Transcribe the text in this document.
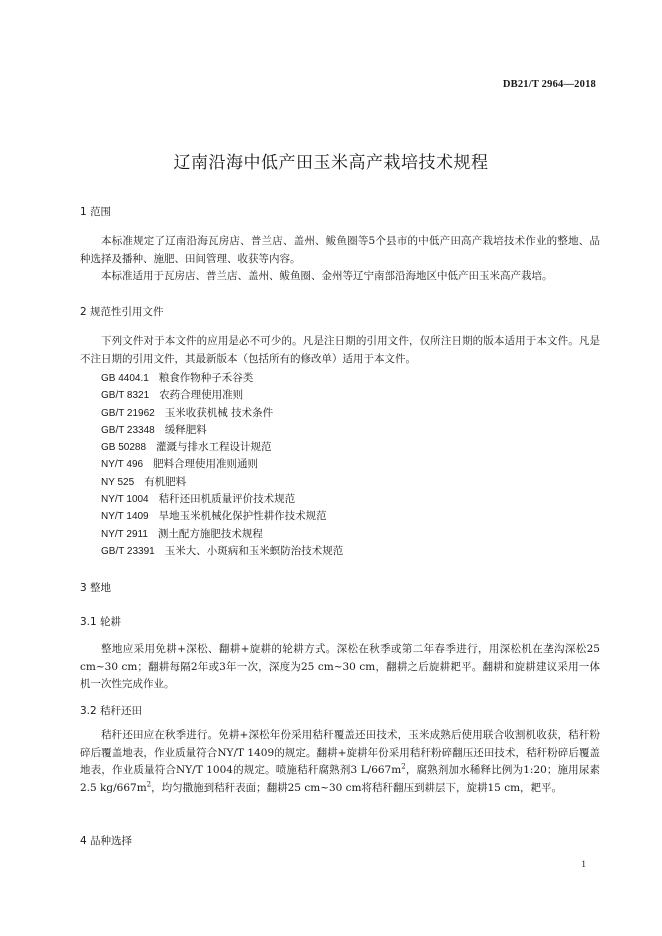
DB21/T 2964—2018
辽南沿海中低产田玉米高产栽培技术规程
1 范围

本标准规定了辽南沿海瓦房店、普兰店、盖州、鲅鱼圈等5个县市的中低产田高产栽培技术作业的整地、品种选择及播种、施肥、田间管理、收获等内容。

本标准适用于瓦房店、普兰店、盖州、鲅鱼圈、金州等辽宁南部沿海地区中低产田玉米高产栽培。

2 规范性引用文件

下列文件对于本文件的应用是必不可少的。凡是注日期的引用文件，仅所注日期的版本适用于本文件。凡是不注日期的引用文件，其最新版本（包括所有的修改单）适用于本文件。

GB 4404.1 粮食作物种子禾谷类
GB/T 8321 农药合理使用准则
GB/T 21962 玉米收获机械 技术条件
GB/T 23348 缓释肥料
GB 50288 灌溉与排水工程设计规范
NY/T 496 肥料合理使用准则通则
NY 525 有机肥料
NY/T 1004 秸秆还田机质量评价技术规范
NY/T 1409 旱地玉米机械化保护性耕作技术规范
NY/T 2911 测土配方施肥技术规程
GB/T 23391 玉米大、小斑病和玉米螟防治技术规范
3 整地
3.1 轮耕

整地应采用免耕+深松、翻耕+旋耕的轮耕方式。深松在秋季或第二年春季进行，用深松机在垄沟深松25 cm~30 cm；翻耕每隔2年或3年一次，深度为25 cm~30 cm，翻耕之后旋耕耙平。翻耕和旋耕建议采用一体机一次性完成作业。

3.2 秸秆还田

秸秆还田应在秋季进行。免耕+深松年份采用秸秆覆盖还田技术，玉米成熟后使用联合收割机收获，秸秆粉碎后覆盖地表，作业质量符合NY/T 1409的规定。翻耕+旋耕年份采用秸秆粉碎翻压还田技术，秸秆粉碎后覆盖地表，作业质量符合NY/T 1004的规定。喷施秸秆腐熟剂3 $L/667m^2$，腐熟剂加水稀释比例为1:20；施用尿素2.5 $kg/667m^2$，均匀撒施到秸秆表面；翻耕25 cm~30 cm将秸秆翻压到耕层下，旋耕15 cm，耙平。

4 品种选择
1
